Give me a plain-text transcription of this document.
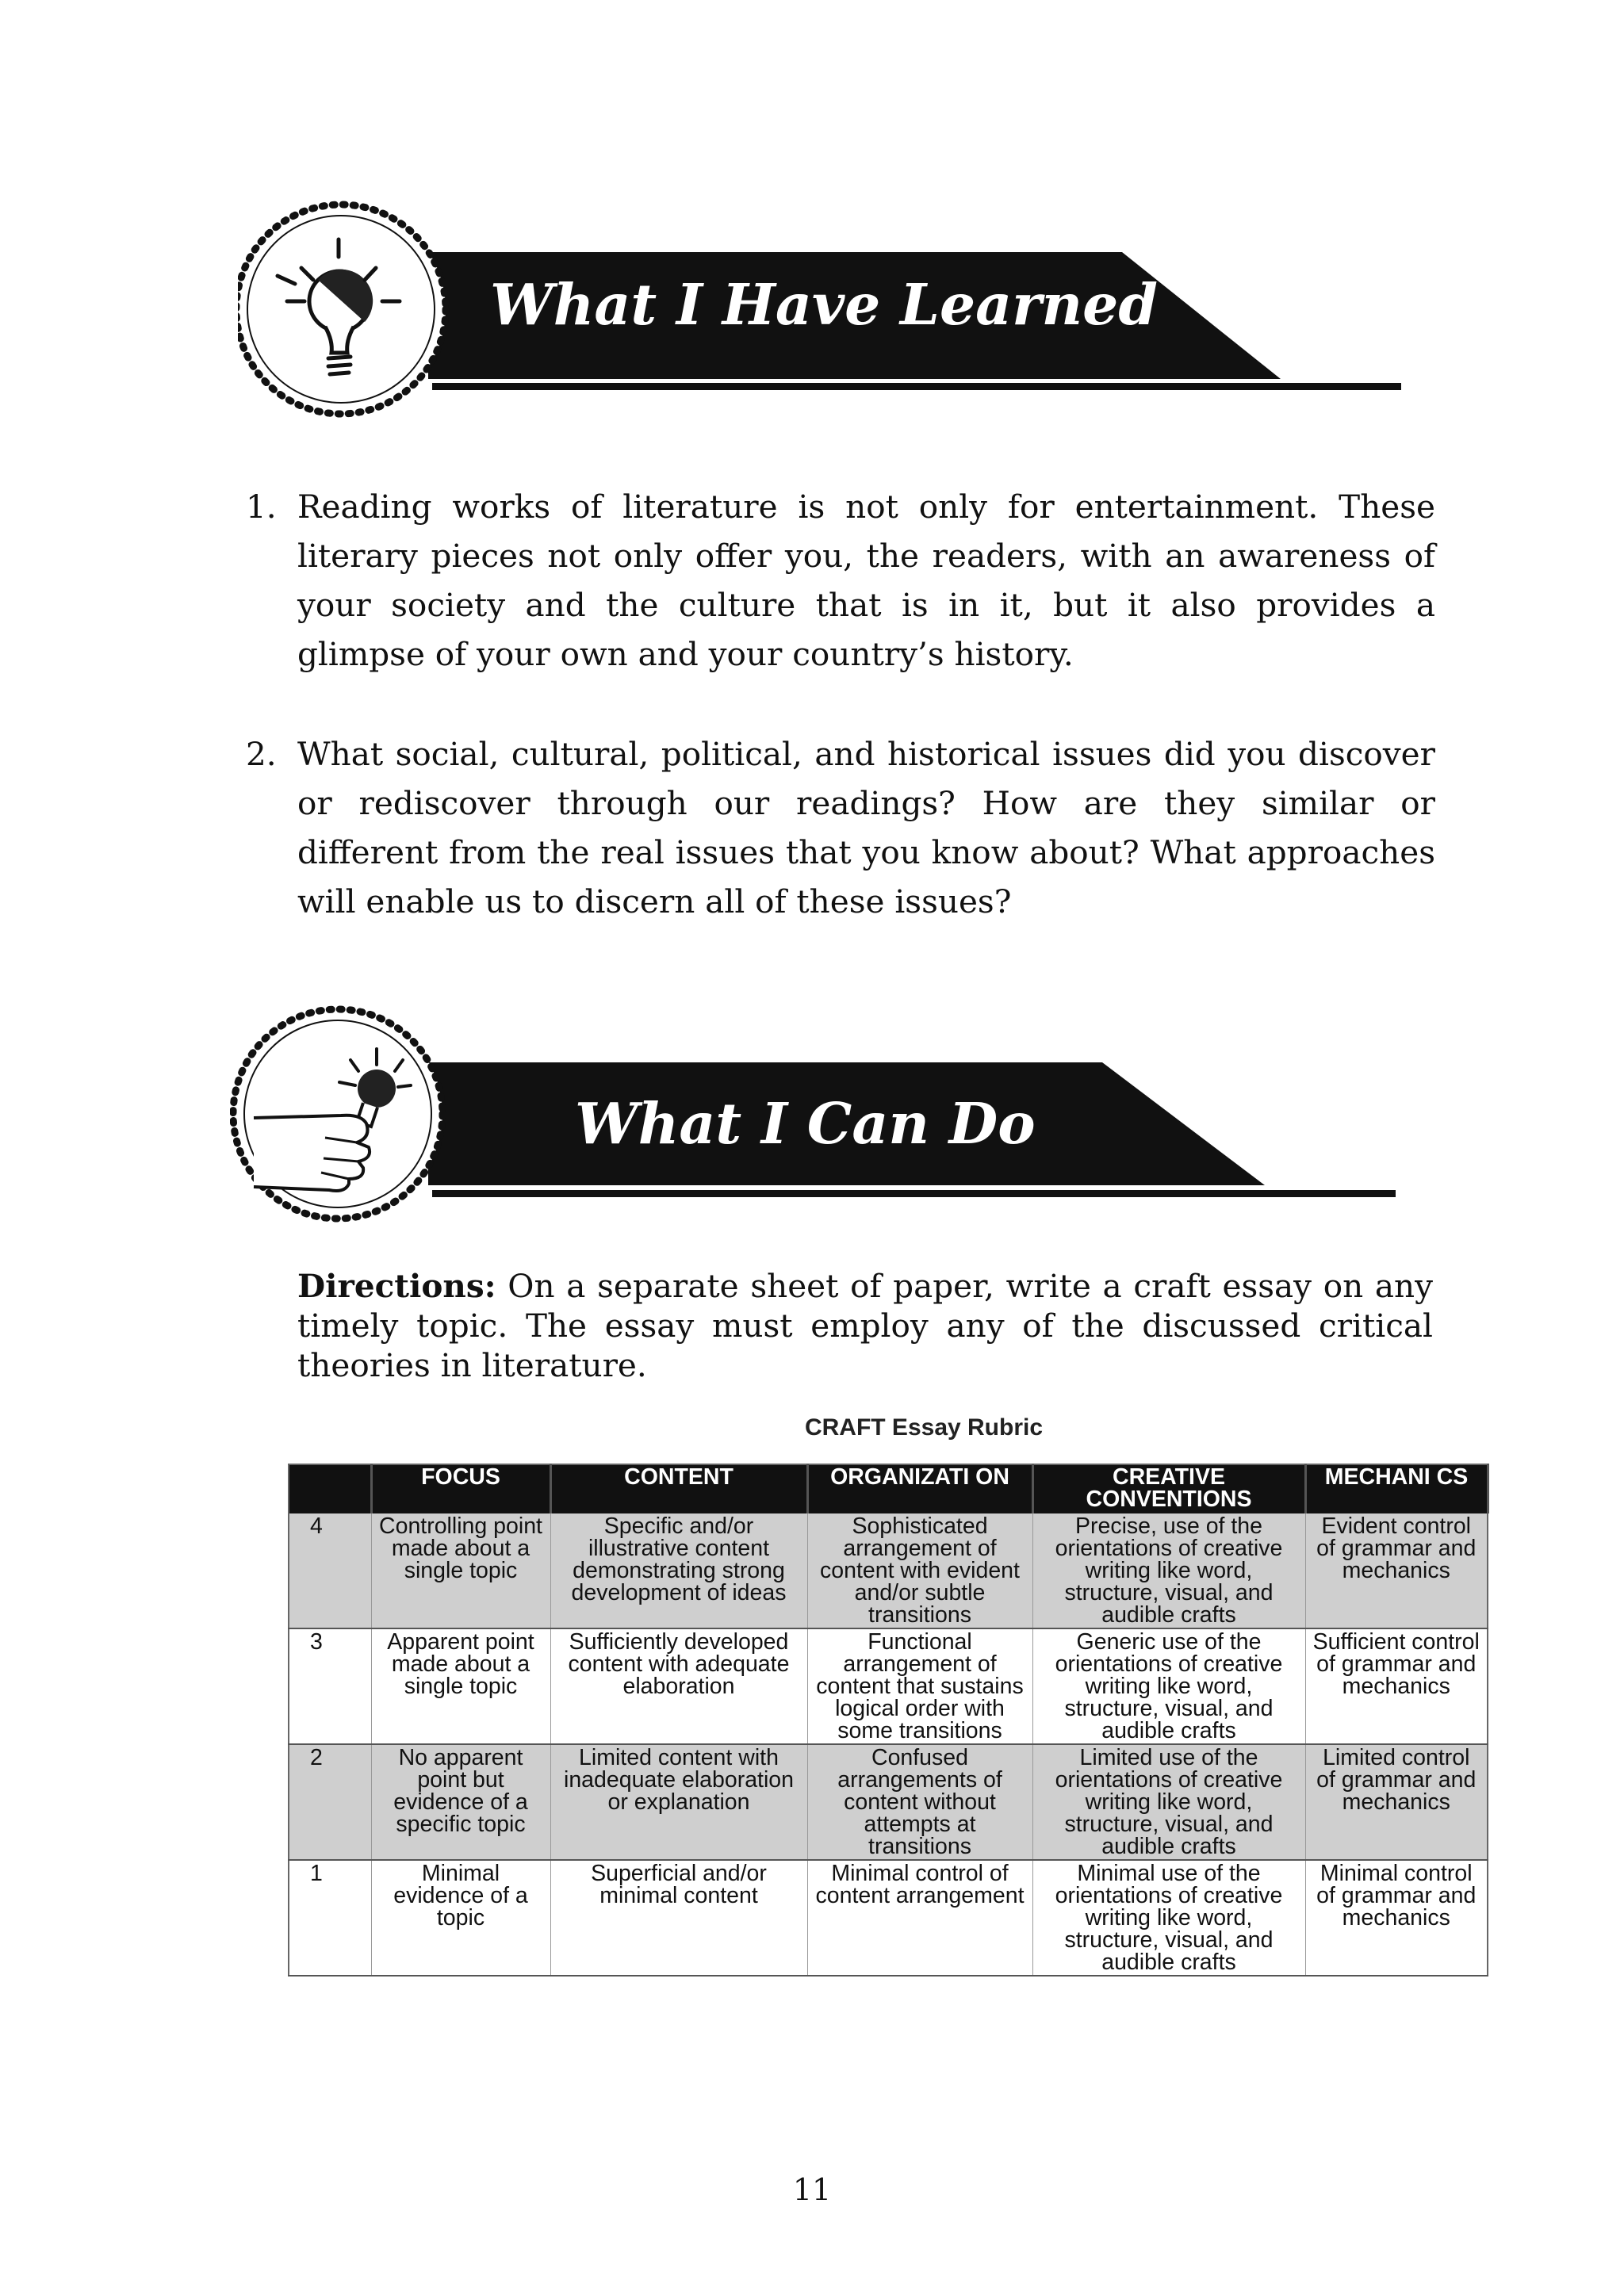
What I Have Learned
1. Reading works of literature is not only for entertainment. These literary pieces not only offer you, the readers, with an awareness of your society and the culture that is in it, but it also provides a glimpse of your own and your country’s history.
2. What social, cultural, political, and historical issues did you discover or rediscover through our readings? How are they similar or different from the real issues that you know about? What approaches will enable us to discern all of these issues?
What I Can Do
Directions: On a separate sheet of paper, write a craft essay on any timely topic. The essay must employ any of the discussed critical theories in literature.
CRAFT Essay Rubric
	FOCUS	CONTENT	ORGANIZATI ON	CREATIVE CONVENTIONS	MECHANI CS
4	Controlling point made about a single topic	Specific and/or illustrative content demonstrating strong development of ideas	Sophisticated arrangement of content with evident and/or subtle transitions	Precise, use of the orientations of creative writing like word, structure, visual, and audible crafts	Evident control of grammar and mechanics
3	Apparent point made about a single topic	Sufficiently developed content with adequate elaboration	Functional arrangement of content that sustains logical order with some transitions	Generic use of the orientations of creative writing like word, structure, visual, and audible crafts	Sufficient control of grammar and mechanics
2	No apparent point but evidence of a specific topic	Limited content with inadequate elaboration or explanation	Confused arrangements of content without attempts at transitions	Limited use of the orientations of creative writing like word, structure, visual, and audible crafts	Limited control of grammar and mechanics
1	Minimal evidence of a topic	Superficial and/or minimal content	Minimal control of content arrangement	Minimal use of the orientations of creative writing like word, structure, visual, and audible crafts	Minimal control of grammar and mechanics
11
